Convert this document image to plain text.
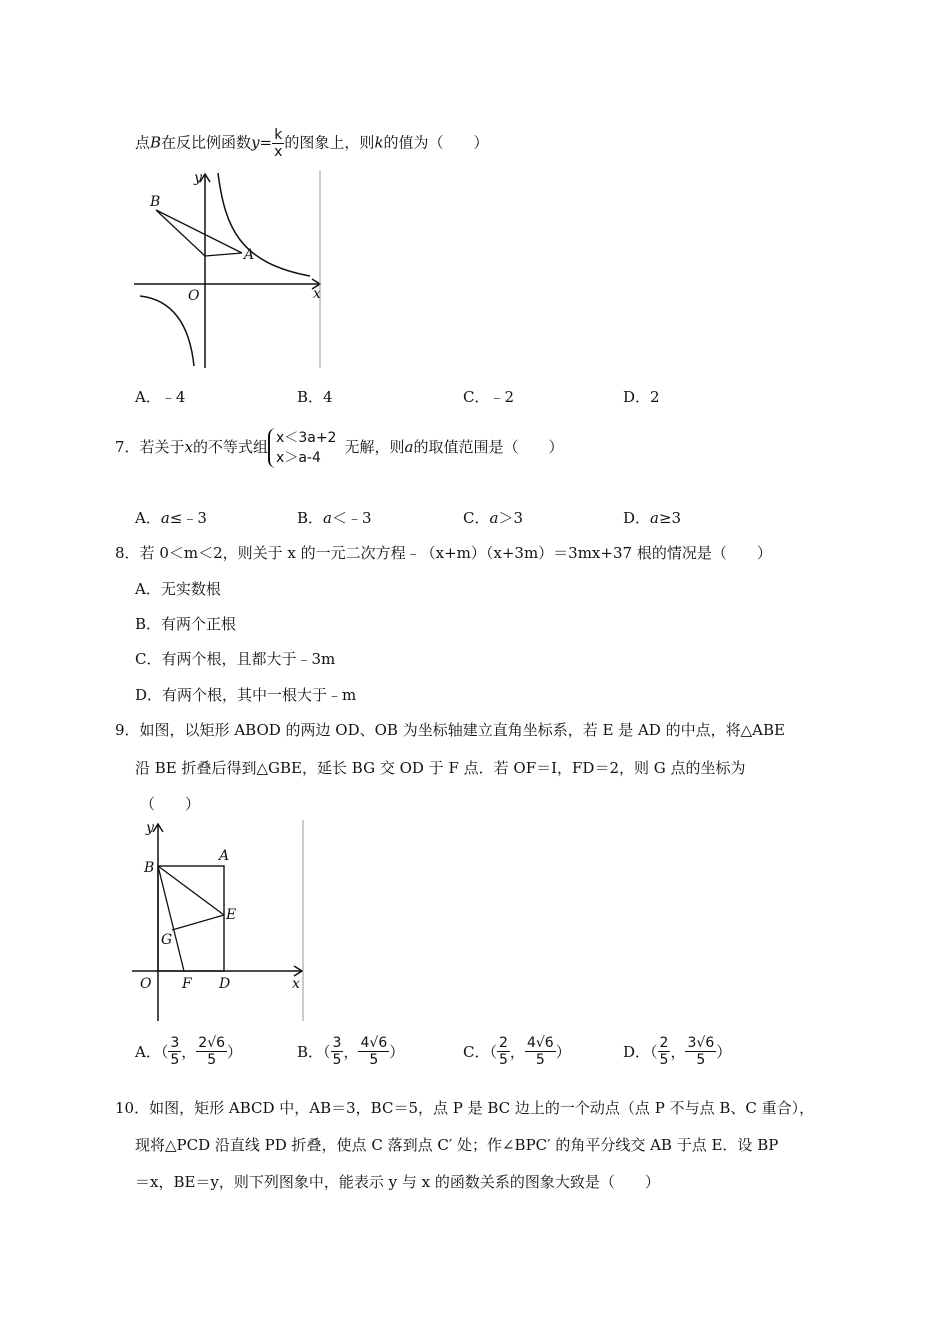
点B在反比例函数$y= \frac{k}{x}$ 的图象上，则k的值为（　　）
B
A
O
y
x
A．﹣4	B．4	C．﹣2	D．2
7．若关于x的不等式组 x＜3a+2
x＞a-4
无解，则a的取值范围是（　　）
A．a≤﹣3	B．a＜﹣3	C．a＞3	D．a≥3
8．若 0＜m＜2，则关于 x 的一元二次方程﹣（x+m）（x+3m）＝3mx+37 根的情况是（　　）
A．无实数根
B．有两个正根
C．有两个根，且都大于﹣3m
D．有两个根，其中一根大于﹣m
9．如图，以矩形 ABOD 的两边 OD、OB 为坐标轴建立直角坐标系，若 E 是 AD 的中点，将△ABE
沿 BE 折叠后得到△GBE，延长 BG 交 OD 于 F 点．若 OF＝I，FD＝2，则 G 点的坐标为
（　　）
B
A
E
G
O F D
y
x
A．（ $\frac{3}{5}$ ， $\frac{2√6}{5}$ ）	B．（ $\frac{3}{5}$ ， $\frac{4√6}{5}$ ）	C．（ $\frac{2}{5}$ ， $\frac{4√6}{5}$ ）	D．（ $\frac{2}{5}$ ， $\frac{3√6}{5}$ ）
10．如图，矩形 ABCD 中，AB＝3，BC＝5，点 P 是 BC 边上的一个动点（点 P 不与点 B、C 重合），
现将△PCD 沿直线 PD 折叠，使点 C 落到点 C′ 处；作∠BPC′ 的角平分线交 AB 于点 E．设 BP
＝x，BE＝y，则下列图象中，能表示 y 与 x 的函数关系的图象大致是（　　）
